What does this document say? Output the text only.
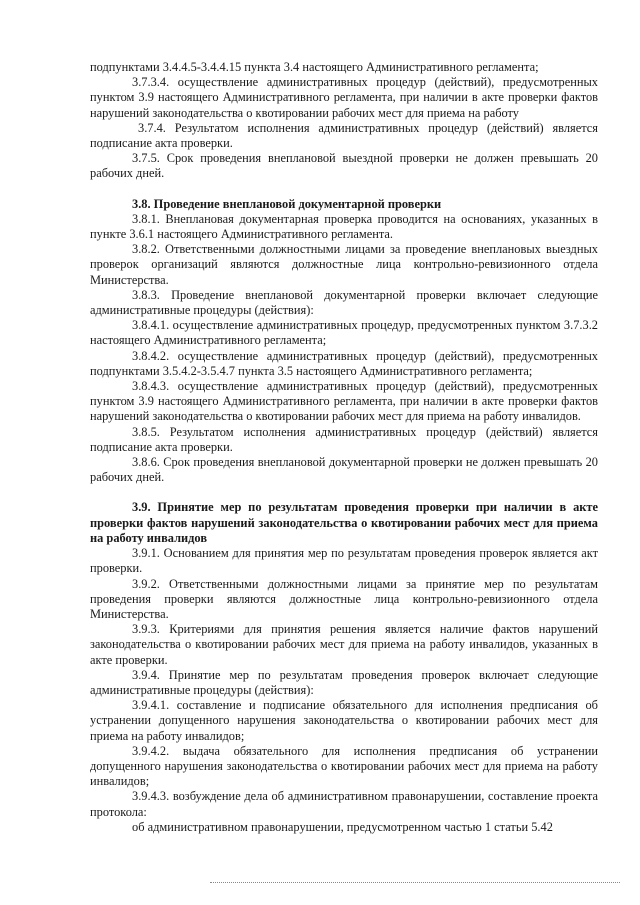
подпунктами 3.4.4.5-3.4.4.15 пункта 3.4 настоящего Административного регламента;

3.7.3.4. осуществление административных процедур (действий), предусмотренных пунктом 3.9 настоящего Административного регламента, при наличии в акте проверки фактов нарушений законодательства о квотировании рабочих мест для приема на работу

3.7.4. Результатом исполнения административных процедур (действий) является подписание акта проверки.

3.7.5. Срок проведения внеплановой выездной проверки не должен превышать 20 рабочих дней.

3.8. Проведение внеплановой документарной проверки

3.8.1. Внеплановая документарная проверка проводится на основаниях, указанных в пункте 3.6.1 настоящего Административного регламента.

3.8.2. Ответственными должностными лицами за проведение внеплановых выездных проверок организаций являются должностные лица контрольно-ревизионного отдела Министерства.

3.8.3. Проведение внеплановой документарной проверки включает следующие административные процедуры (действия):

3.8.4.1. осуществление административных процедур, предусмотренных пунктом 3.7.3.2 настоящего Административного регламента;

3.8.4.2. осуществление административных процедур (действий), предусмотренных подпунктами 3.5.4.2-3.5.4.7 пункта 3.5 настоящего Административного регламента;

3.8.4.3. осуществление административных процедур (действий), предусмотренных пунктом 3.9 настоящего Административного регламента, при наличии в акте проверки фактов нарушений законодательства о квотировании рабочих мест для приема на работу инвалидов.

3.8.5. Результатом исполнения административных процедур (действий) является подписание акта проверки.

3.8.6. Срок проведения внеплановой документарной проверки не должен превышать 20 рабочих дней.

3.9. Принятие мер по результатам проведения проверки при наличии в акте проверки фактов нарушений законодательства о квотировании рабочих мест для приема на работу инвалидов

3.9.1. Основанием для принятия мер по результатам проведения проверок является акт проверки.

3.9.2. Ответственными должностными лицами за принятие мер по результатам проведения проверки являются должностные лица контрольно-ревизионного отдела Министерства.

3.9.3. Критериями для принятия решения является наличие фактов нарушений законодательства о квотировании рабочих мест для приема на работу инвалидов, указанных в акте проверки.

3.9.4. Принятие мер по результатам проведения проверок включает следующие административные процедуры (действия):

3.9.4.1. составление и подписание обязательного для исполнения предписания об устранении допущенного нарушения законодательства о квотировании рабочих мест для приема на работу инвалидов;

3.9.4.2. выдача обязательного для исполнения предписания об устранении допущенного нарушения законодательства о квотировании рабочих мест для приема на работу инвалидов;

3.9.4.3. возбуждение дела об административном правонарушении, составление проекта протокола:

об административном правонарушении, предусмотренном частью 1 статьи 5.42
